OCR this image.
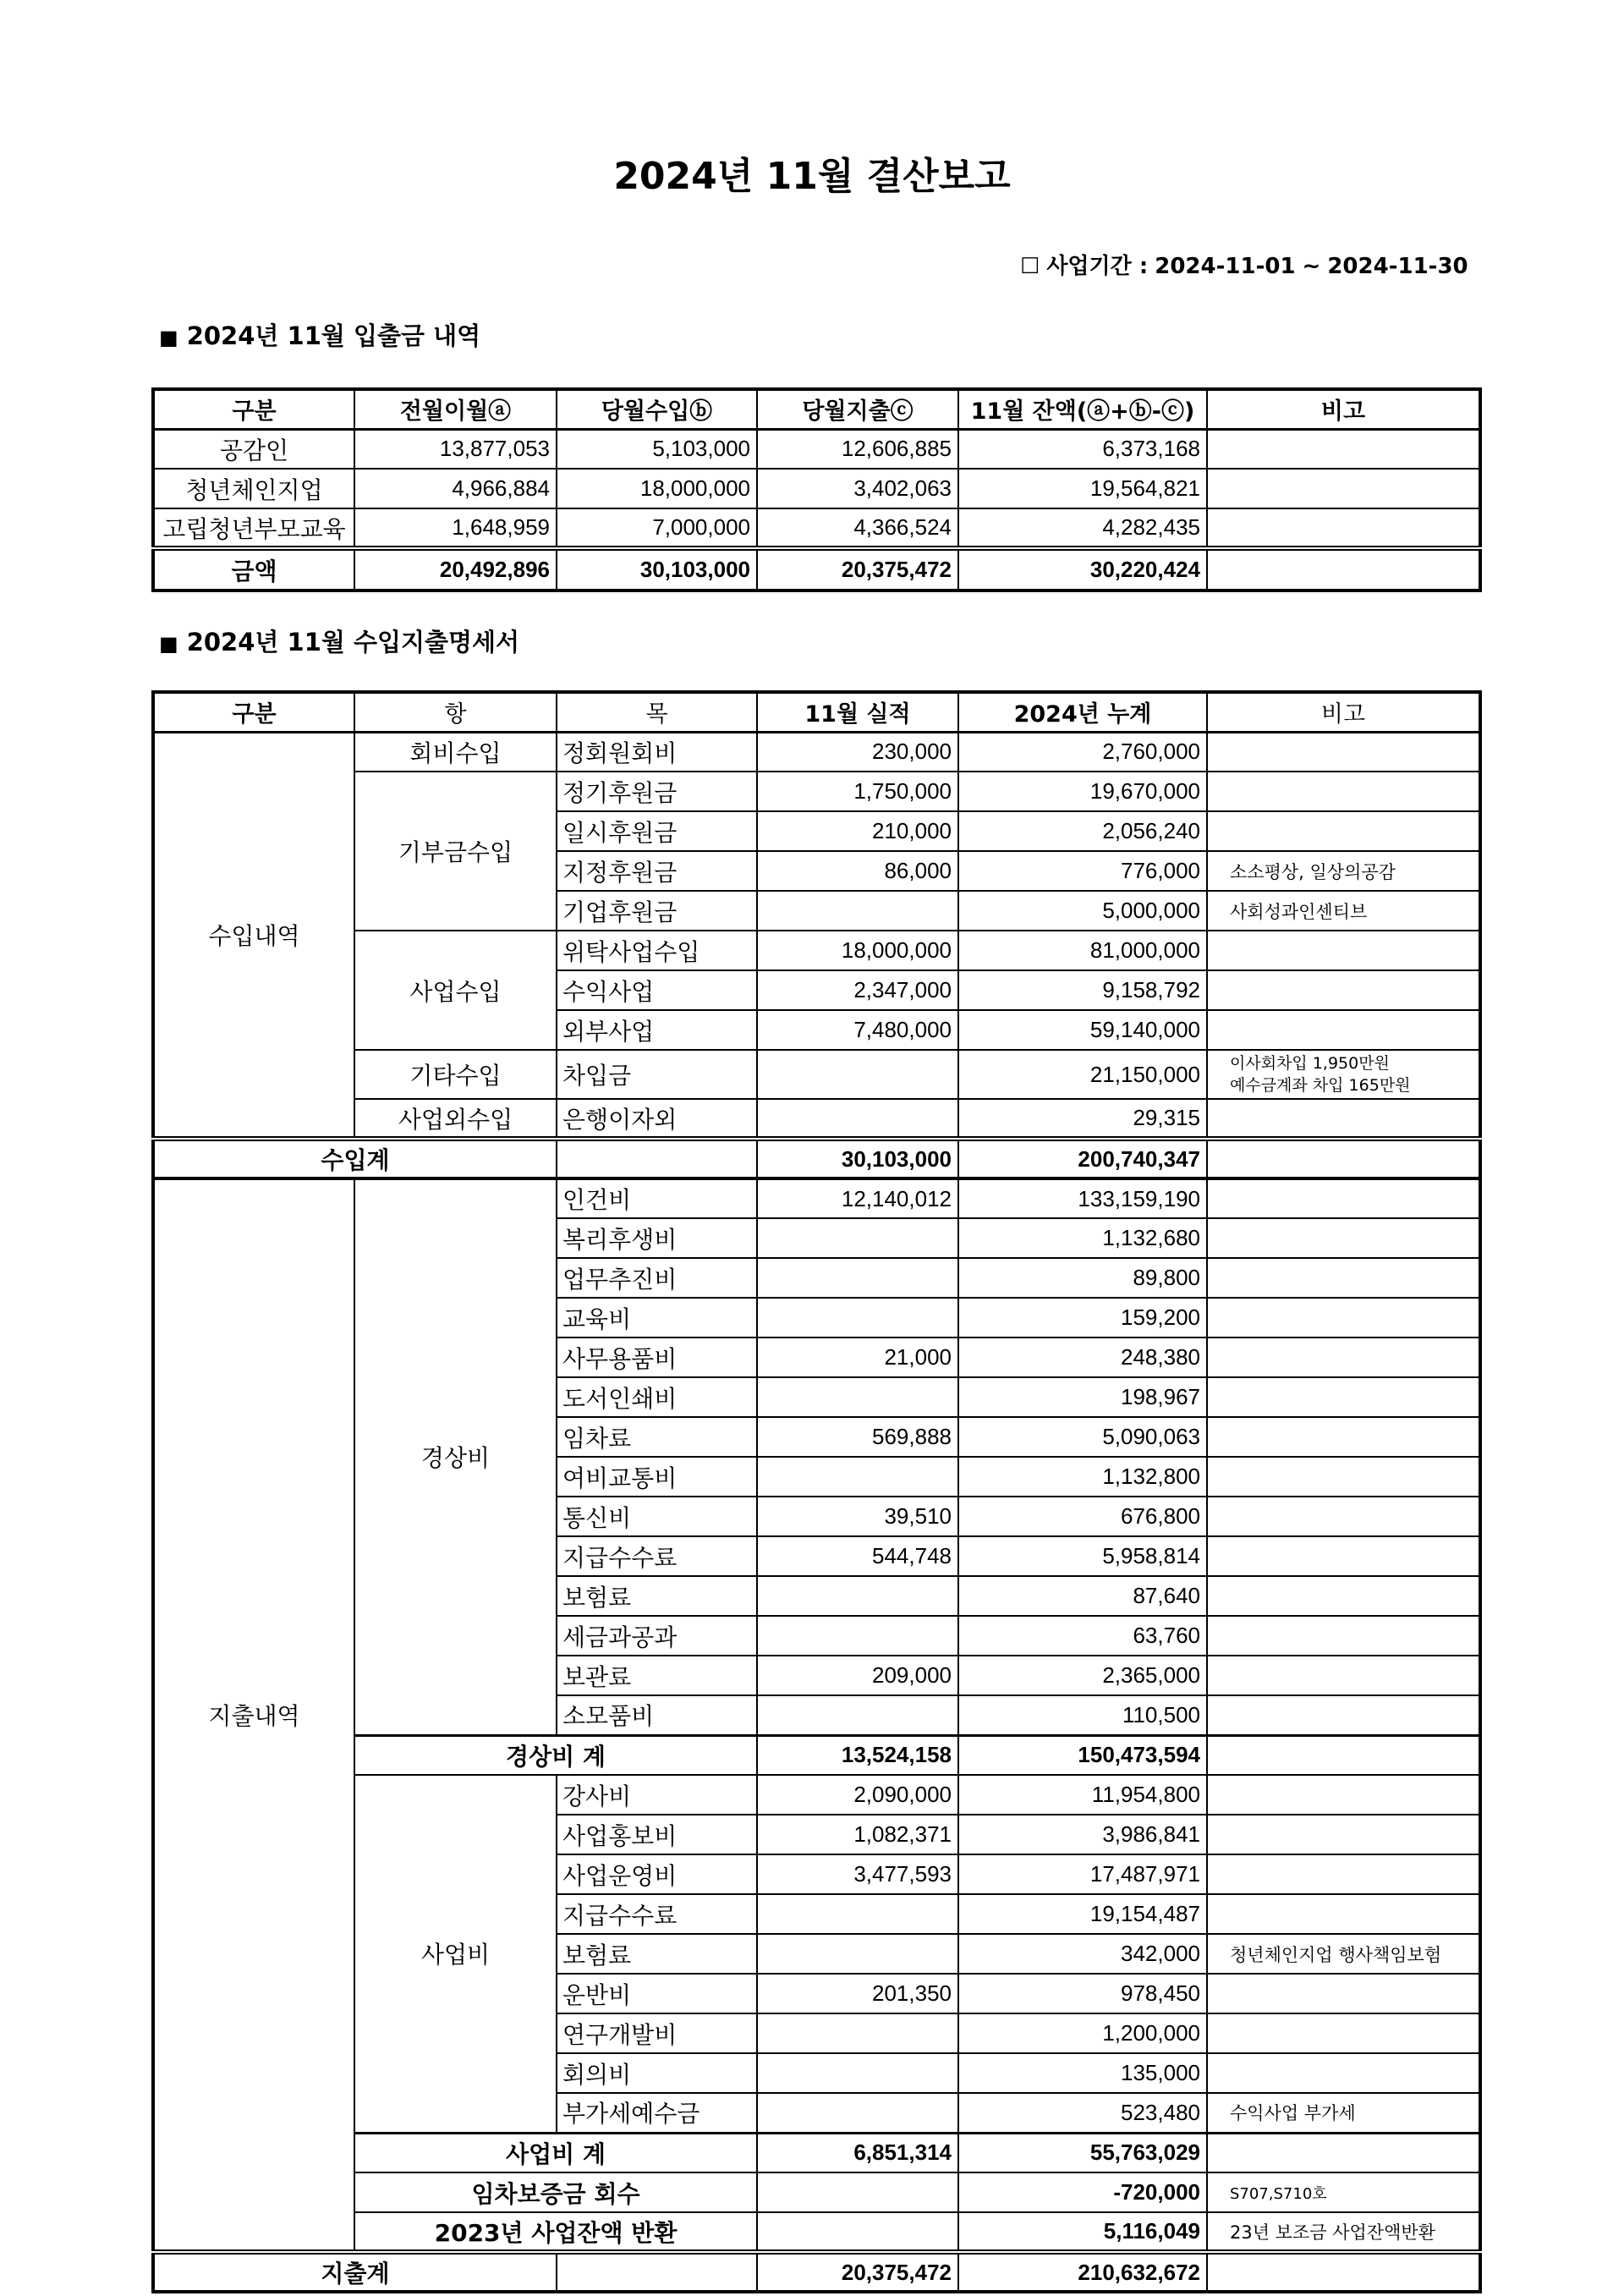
2024년 11월 결산보고
☐ 사업기간 : 2024-11-01 ~ 2024-11-30
■ 2024년 11월 입출금 내역
구분	전월이월ⓐ	당월수입ⓑ	당월지출ⓒ	11월 잔액(ⓐ+ⓑ-ⓒ)	비고
공감인	13,877,053	5,103,000	12,606,885	6,373,168	
청년체인지업	4,966,884	18,000,000	3,402,063	19,564,821	
고립청년부모교육	1,648,959	7,000,000	4,366,524	4,282,435	
금액	20,492,896	30,103,000	20,375,472	30,220,424	
■ 2024년 11월 수입지출명세서
구분	항	목	11월 실적	2024년 누계	비고
수입내역	회비수입	정회원회비	230,000	2,760,000	
	기부금수입	정기후원금	1,750,000	19,670,000	
		일시후원금	210,000	2,056,240	
		지정후원금	86,000	776,000	소소평상, 일상의공감
		기업후원금		5,000,000	사회성과인센티브
	사업수입	위탁사업수입	18,000,000	81,000,000	
		수익사업	2,347,000	9,158,792	
		외부사업	7,480,000	59,140,000	
	기타수입	차입금		21,150,000	이사회차입 1,950만원
예수금계좌 차입 165만원

	사업외수입	은행이자외		29,315	
수입계			30,103,000	200,740,347	
지출내역	경상비	인건비	12,140,012	133,159,190	
		복리후생비		1,132,680	
		업무추진비		89,800	
		교육비		159,200	
		사무용품비	21,000	248,380	
		도서인쇄비		198,967	
		임차료	569,888	5,090,063	
		여비교통비		1,132,800	
		통신비	39,510	676,800	
		지급수수료	544,748	5,958,814	
		보험료		87,640	
		세금과공과		63,760	
		보관료	209,000	2,365,000	
		소모품비		110,500	
	경상비 계		13,524,158	150,473,594	
	사업비	강사비	2,090,000	11,954,800	
		사업홍보비	1,082,371	3,986,841	
		사업운영비	3,477,593	17,487,971	
		지급수수료		19,154,487	
		보험료		342,000	청년체인지업 행사책임보험
		운반비	201,350	978,450	
		연구개발비		1,200,000	
		회의비		135,000	
		부가세예수금		523,480	수익사업 부가세
	사업비 계		6,851,314	55,763,029	
	임차보증금 회수			-720,000	S707,S710호
	2023년 사업잔액 반환			5,116,049	23년 보조금 사업잔액반환
지출계			20,375,472	210,632,672	
